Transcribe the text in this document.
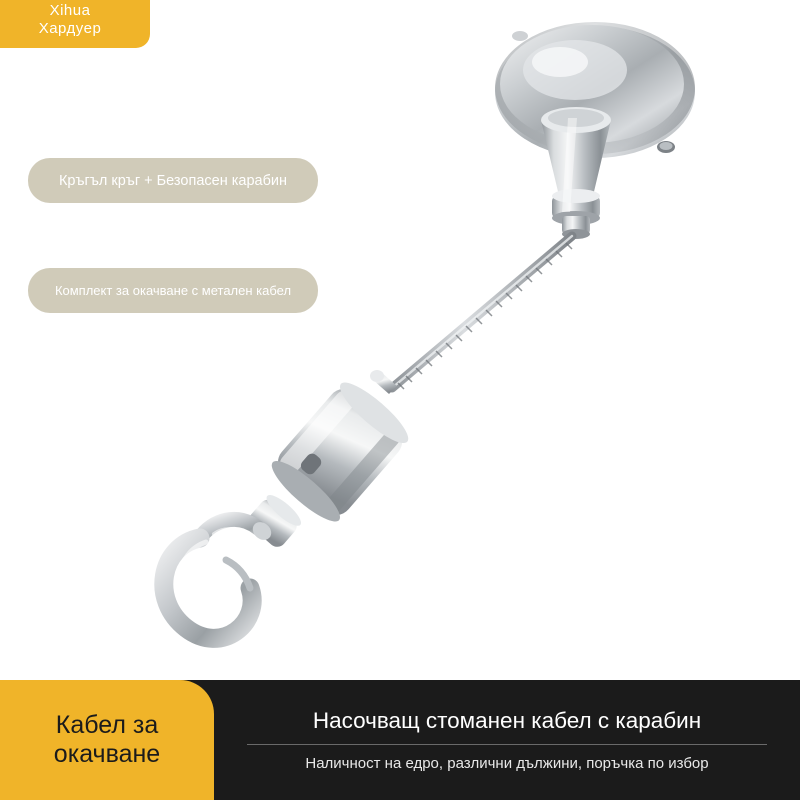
Xihua
Хардуер
Кръгъл кръг + Безопасен карабин
Комплект за окачване с метален кабел
Кабел за окачване
Насочващ стоманен кабел с карабин
Наличност на едро, различни дължини, поръчка по избор
